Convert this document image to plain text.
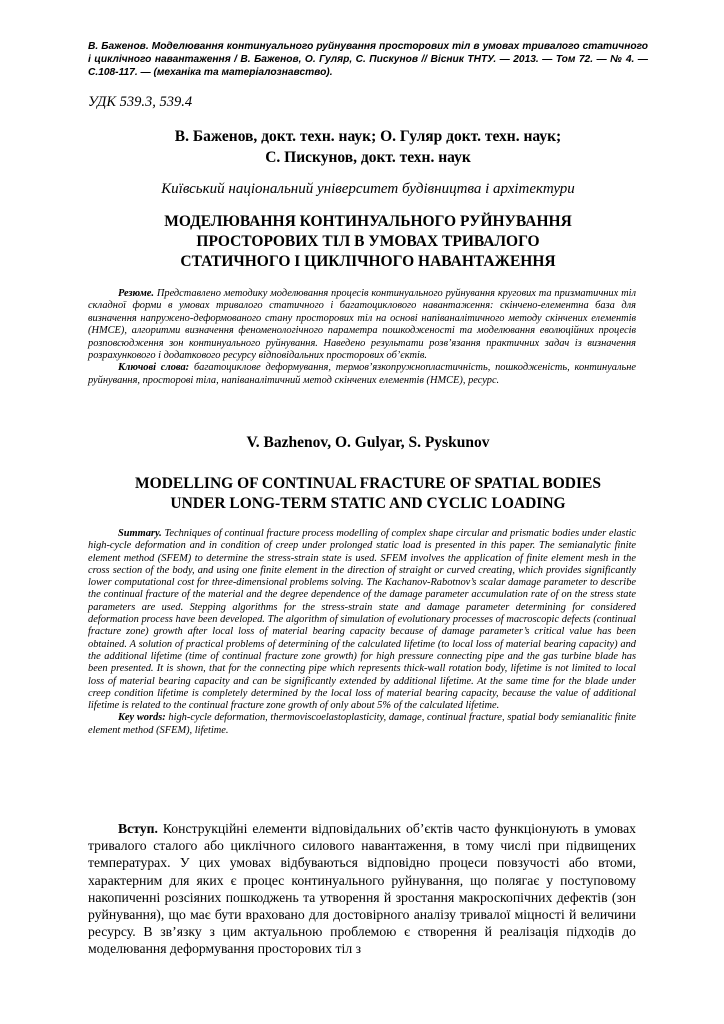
В. Баженов. Моделювання континуального руйнування просторових тіл в умовах тривалого статичного і циклічного навантаження / В. Баженов, О. Гуляр, С. Пискунов // Вісник ТНТУ. — 2013. — Том 72. — № 4. — С.108-117. — (механіка та матеріалознавство).
УДК 539.3, 539.4
В. Баженов, докт. техн. наук; О. Гуляр докт. техн. наук;
С. Пискунов, докт. техн. наук
Київський національний університет будівництва і архітектури
МОДЕЛЮВАННЯ КОНТИНУАЛЬНОГО РУЙНУВАННЯ
ПРОСТОРОВИХ ТІЛ В УМОВАХ ТРИВАЛОГО
СТАТИЧНОГО І ЦИКЛІЧНОГО НАВАНТАЖЕННЯ

Резюме. Представлено методику моделювання процесів континуального руйнування кругових та призматичних тіл складної форми в умовах тривалого статичного і багатоциклового навантаження: скінчено-елементна база для визначення напружено-деформованого стану просторових тіл на основі напіваналітичного методу скінчених елементів (НМСЕ), алгоритми визначення феноменологічного параметра пошкодженості та моделювання еволюційних процесів розповсюдження зон континуального руйнування. Наведено результати розв’язання практичних задач із визначення розрахункового і додаткового ресурсу відповідальних просторових об’єктів.

Ключові слова: багатоциклове деформування, термов’язкопружнопластичність, пошкодженість, континуальне руйнування, просторові тіла, напіваналітичний метод скінчених елементів (НМСЕ), ресурс.

V. Bazhenov, O. Gulyar, S. Pyskunov
MODELLING OF CONTINUAL FRACTURE OF SPATIAL BODIES
UNDER LONG-TERM STATIC AND CYCLIC LOADING

Summary. Techniques of continual fracture process modelling of complex shape circular and prismatic bodies under elastic high-cycle deformation and in condition of creep under prolonged static load is presented in this paper. The semianalytic finite element method (SFEM) to determine the stress-strain state is used. SFEM involves the application of finite element mesh in the cross section of the body, and using one finite element in the direction of straight or curved creating, which provides significantly lower computational cost for three-dimensional problems solving. The Kachanov-Rabotnov’s scalar damage parameter to describe the continual fracture of the material and the degree dependence of the damage parameter accumulation rate of on the stress state parameters are used. Stepping algorithms for the stress-strain state and damage parameter determining for considered deformation process have been developed. The algorithm of simulation of evolutionary processes of macroscopic defects (continual fracture zone) growth after local loss of material bearing capacity because of damage parameter’s critical value has been obtained. A solution of practical problems of determining of the calculated lifetime (to local loss of material bearing capacity) and the additional lifetime (time of continual fracture zone growth) for high pressure connecting pipe and the gas turbine blade has been presented. It is shown, that for the connecting pipe which represents thick-wall rotation body, lifetime is not limited to local loss of material bearing capacity and can be significantly extended by additional lifetime. At the same time for the blade under creep condition lifetime is completely determined by the local loss of material bearing capacity, because the value of additional lifetime is related to the continual fracture zone growth of only about 5% of the calculated lifetime.

Key words: high-cycle deformation, thermoviscoelastoplasticity, damage, continual fracture, spatial body semianalitic finite element method (SFEM), lifetime.

Вступ. Конструкційні елементи відповідальних об’єктів часто функціонують в умовах тривалого сталого або циклічного силового навантаження, в тому числі при підвищених температурах. У цих умовах відбуваються відповідно процеси повзучості або втоми, характерним для яких є процес континуального руйнування, що полягає у поступовому накопиченні розсіяних пошкоджень та утворення й зростання макроскопічних дефектів (зон руйнування), що має бути враховано для достовірного аналізу тривалої міцності й величини ресурсу. В зв’язку з цим актуальною проблемою є створення й реалізація підходів до моделювання деформування просторових тіл з
